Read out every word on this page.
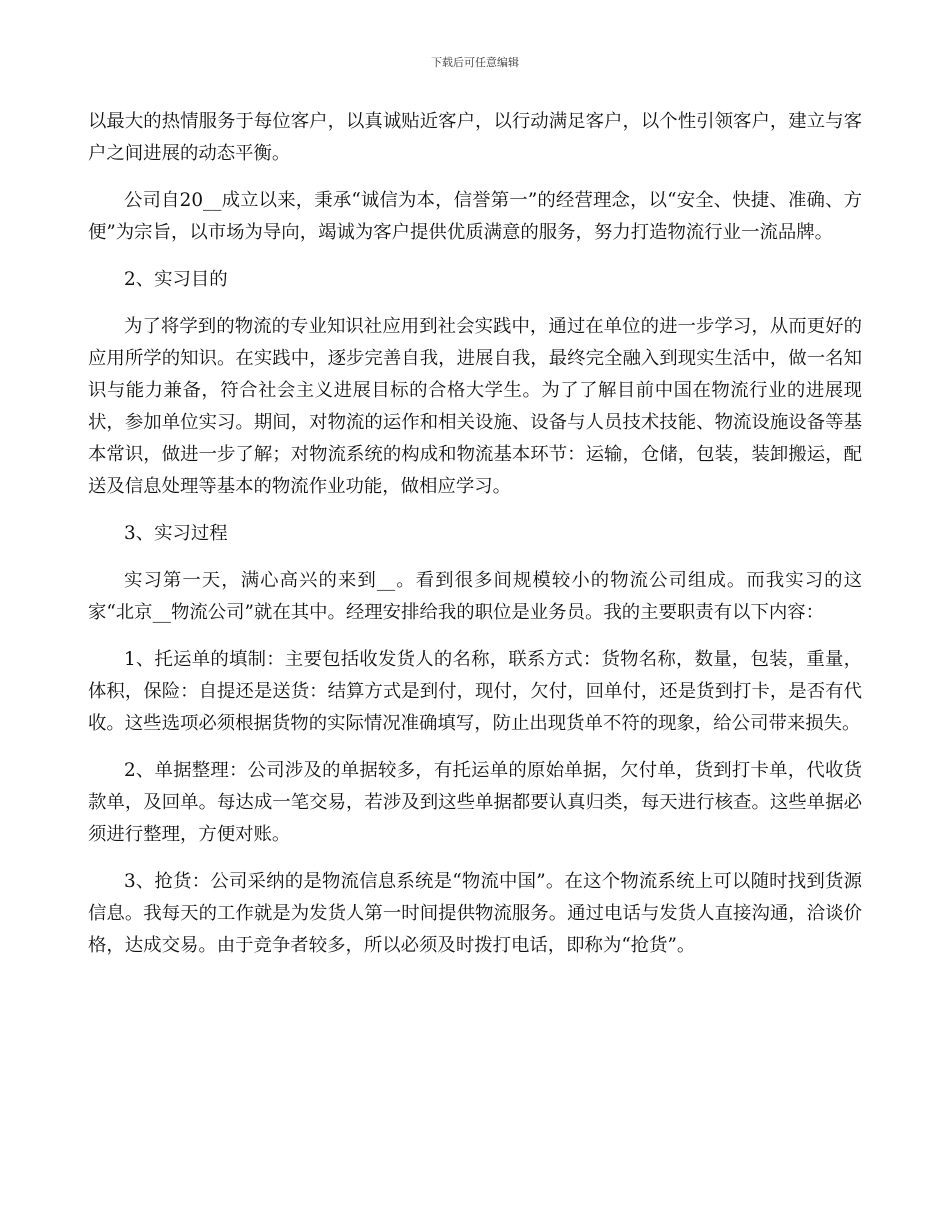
下载后可任意编辑

以最大的热情服务于每位客户，以真诚贴近客户，以行动满足客户，以个性引领客户，建立与客户之间进展的动态平衡。

公司自20__成立以来，秉承“诚信为本，信誉第一”的经营理念，以“安全、快捷、准确、方便”为宗旨，以市场为导向，竭诚为客户提供优质满意的服务，努力打造物流行业一流品牌。

2、实习目的

为了将学到的物流的专业知识社应用到社会实践中，通过在单位的进一步学习，从而更好的应用所学的知识。在实践中，逐步完善自我，进展自我，最终完全融入到现实生活中，做一名知识与能力兼备，符合社会主义进展目标的合格大学生。为了了解目前中国在物流行业的进展现状，参加单位实习。期间，对物流的运作和相关设施、设备与人员技术技能、物流设施设备等基本常识，做进一步了解；对物流系统的构成和物流基本环节：运输，仓储，包装，装卸搬运，配送及信息处理等基本的物流作业功能，做相应学习。

3、实习过程

实习第一天，满心高兴的来到__。看到很多间规模较小的物流公司组成。而我实习的这家“北京__物流公司”就在其中。经理安排给我的职位是业务员。我的主要职责有以下内容：

1、托运单的填制：主要包括收发货人的名称，联系方式：货物名称，数量，包装，重量，体积，保险：自提还是送货：结算方式是到付，现付，欠付，回单付，还是货到打卡，是否有代收。这些选项必须根据货物的实际情况准确填写，防止出现货单不符的现象，给公司带来损失。

2、单据整理：公司涉及的单据较多，有托运单的原始单据，欠付单，货到打卡单，代收货款单，及回单。每达成一笔交易，若涉及到这些单据都要认真归类，每天进行核查。这些单据必须进行整理，方便对账。

3、抢货：公司采纳的是物流信息系统是“物流中国”。在这个物流系统上可以随时找到货源信息。我每天的工作就是为发货人第一时间提供物流服务。通过电话与发货人直接沟通，洽谈价格，达成交易。由于竞争者较多，所以必须及时拨打电话，即称为“抢货”。
